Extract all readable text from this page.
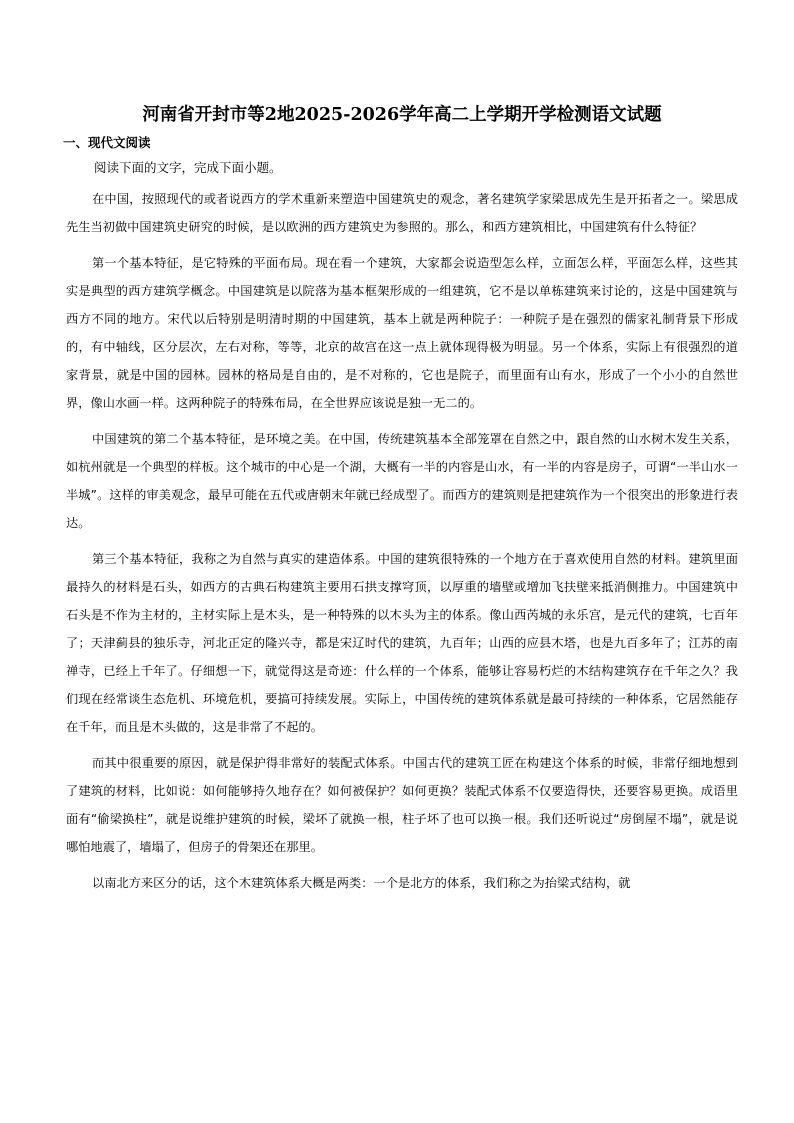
河南省开封市等2地2025-2026学年高二上学期开学检测语文试题
一、现代文阅读
阅读下面的文字，完成下面小题。

在中国，按照现代的或者说西方的学术重新来塑造中国建筑史的观念，著名建筑学家梁思成先生是开拓者之一。梁思成先生当初做中国建筑史研究的时候，是以欧洲的西方建筑史为参照的。那么，和西方建筑相比，中国建筑有什么特征？

第一个基本特征，是它特殊的平面布局。现在看一个建筑，大家都会说造型怎么样，立面怎么样，平面怎么样，这些其实是典型的西方建筑学概念。中国建筑是以院落为基本框架形成的一组建筑，它不是以单栋建筑来讨论的，这是中国建筑与西方不同的地方。宋代以后特别是明清时期的中国建筑，基本上就是两种院子：一种院子是在强烈的儒家礼制背景下形成的，有中轴线，区分层次，左右对称，等等，北京的故宫在这一点上就体现得极为明显。另一个体系，实际上有很强烈的道家背景，就是中国的园林。园林的格局是自由的，是不对称的，它也是院子，而里面有山有水，形成了一个小小的自然世界，像山水画一样。这两种院子的特殊布局，在全世界应该说是独一无二的。

中国建筑的第二个基本特征，是环境之美。在中国，传统建筑基本全部笼罩在自然之中，跟自然的山水树木发生关系，如杭州就是一个典型的样板。这个城市的中心是一个湖，大概有一半的内容是山水，有一半的内容是房子，可谓“一半山水一半城”。这样的审美观念，最早可能在五代或唐朝末年就已经成型了。而西方的建筑则是把建筑作为一个很突出的形象进行表达。

第三个基本特征，我称之为自然与真实的建造体系。中国的建筑很特殊的一个地方在于喜欢使用自然的材料。建筑里面最持久的材料是石头，如西方的古典石构建筑主要用石拱支撑穹顶，以厚重的墙壁或增加飞扶壁来抵消侧推力。中国建筑中石头是不作为主材的，主材实际上是木头，是一种特殊的以木头为主的体系。像山西芮城的永乐宫，是元代的建筑，七百年了；天津蓟县的独乐寺，河北正定的隆兴寺，都是宋辽时代的建筑，九百年；山西的应县木塔，也是九百多年了；江苏的南禅寺，已经上千年了。仔细想一下，就觉得这是奇迹：什么样的一个体系，能够让容易朽烂的木结构建筑存在千年之久？我们现在经常谈生态危机、环境危机，要搞可持续发展。实际上，中国传统的建筑体系就是最可持续的一种体系，它居然能存在千年，而且是木头做的，这是非常了不起的。

而其中很重要的原因，就是保护得非常好的装配式体系。中国古代的建筑工匠在构建这个体系的时候，非常仔细地想到了建筑的材料，比如说：如何能够持久地存在？如何被保护？如何更换？装配式体系不仅要造得快，还要容易更换。成语里面有“偷梁换柱”，就是说维护建筑的时候，梁坏了就换一根，柱子坏了也可以换一根。我们还听说过“房倒屋不塌”，就是说哪怕地震了，墙塌了，但房子的骨架还在那里。

以南北方来区分的话，这个木建筑体系大概是两类：一个是北方的体系，我们称之为抬梁式结构，就
